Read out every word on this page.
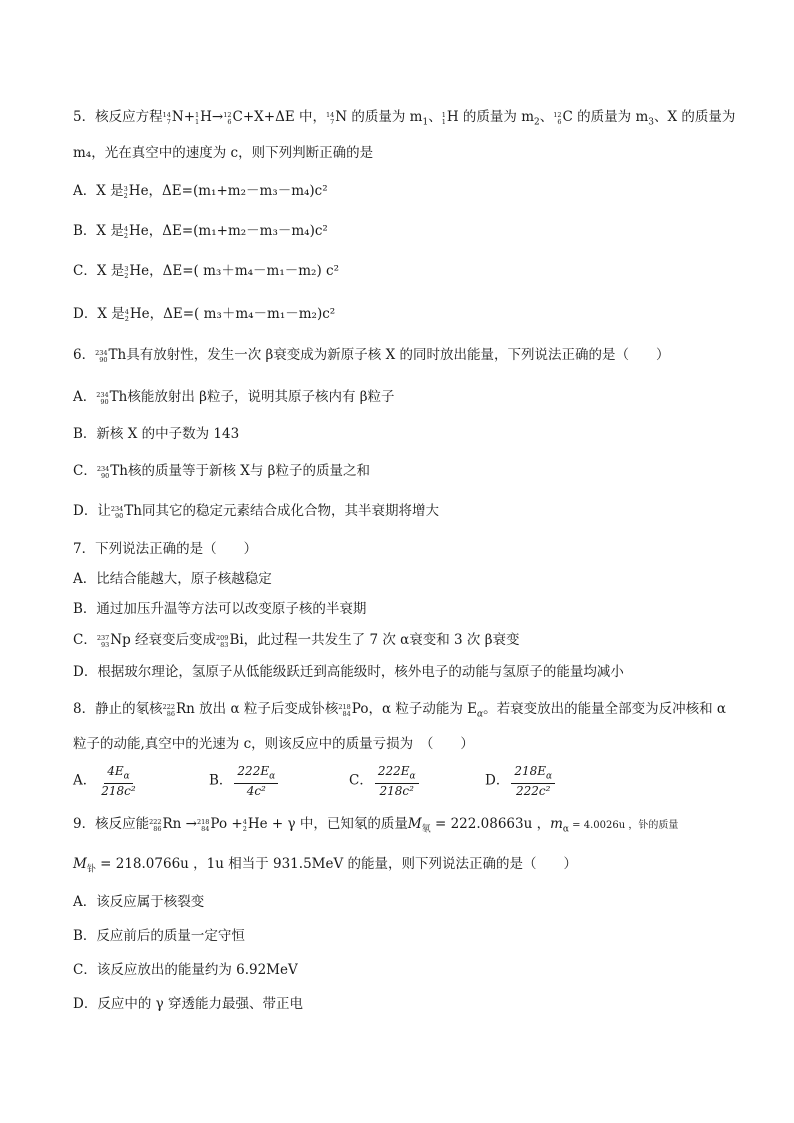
5．核反应方程 14
7 N+ 1
1 H→ 12
6 C+X+ΔE 中， 14
7 N 的质量为 $m_1$、 1
1 H 的质量为 $m_2$、 12
6 C 的质量为 $m_3$、X 的质量为
m₄，光在真空中的速度为 c，则下列判断正确的是
A．X 是 3
2 He，ΔE=(m₁+m₂－m₃－m₄)c²
B．X 是 4
2 He，ΔE=(m₁+m₂－m₃－m₄)c²
C．X 是 3
2 He，ΔE=( m₃＋m₄－m₁－m₂) c²
D．X 是 4
2 He，ΔE=( m₃＋m₄－m₁－m₂)c²
6． 234
90 Th具有放射性，发生一次 β衰变成为新原子核 X 的同时放出能量，下列说法正确的是（　　）
A． 234
90 Th核能放射出 β粒子，说明其原子核内有 β粒子
B．新核 X 的中子数为 143
C． 234
90 Th核的质量等于新核 X与 β粒子的质量之和
D．让 234
90 Th同其它的稳定元素结合成化合物，其半衰期将增大
7．下列说法正确的是（　　）
A．比结合能越大，原子核越稳定
B．通过加压升温等方法可以改变原子核的半衰期
C． 237
93 Np 经衰变后变成 209
83 Bi，此过程一共发生了 7 次 α衰变和 3 次 β衰变
D．根据玻尔理论，氢原子从低能级跃迁到高能级时，核外电子的动能与氢原子的能量均减小
8．静止的氡核 222
86 Rn 放出 α 粒子后变成钋核 218
84 Po，α 粒子动能为 $E_\alpha$。若衰变放出的能量全部变为反冲核和 α
粒子的动能,真空中的光速为 c，则该反应中的质量亏损为　（　　）
A． $\frac{4E_\alpha}{\text{218c²}}$	B． $\frac{222E_\alpha}{\text{4c²}}$	C． $\frac{222E_\alpha}{\text{218c²}}$	D． $\frac{218E_\alpha}{\text{222c²}}$
9．核反应能 222
86 Rn → 218
84 Po + 4
2 He + γ 中，已知氡的质量$M_氡 = 222.08663u$ ，$m_\alpha = 4.0026u$ ，钋的质量
$M_钋 = 218.0766u$ ，1u 相当于 931.5MeV 的能量，则下列说法正确的是（　　）
A．该反应属于核裂变
B．反应前后的质量一定守恒
C．该反应放出的能量约为 6.92MeV
D．反应中的 γ 穿透能力最强、带正电
